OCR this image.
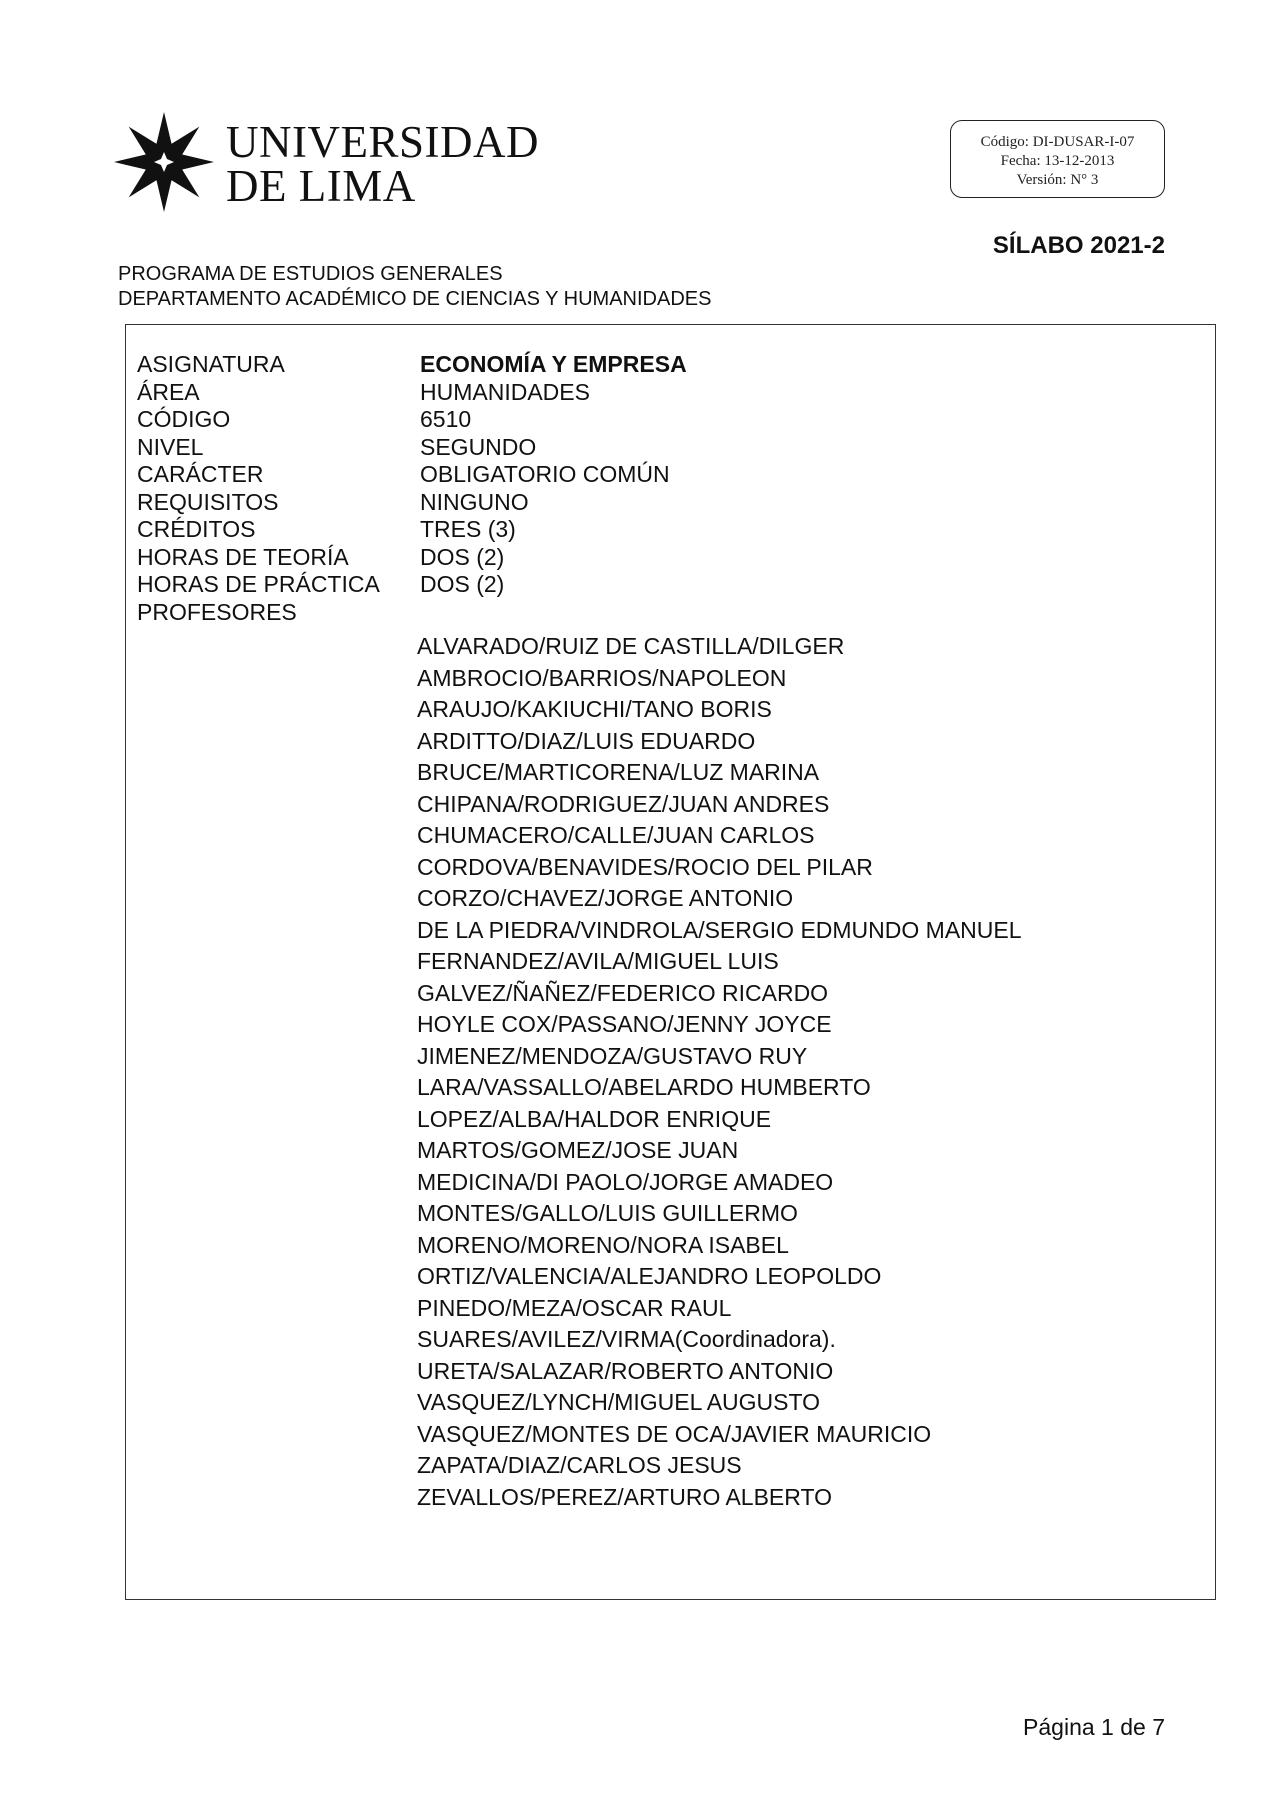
UNIVERSIDAD
DE LIMA
Código: DI-DUSAR-I-07
Fecha: 13-12-2013
Versión: N° 3
SÍLABO 2021-2
PROGRAMA DE ESTUDIOS GENERALES
DEPARTAMENTO ACADÉMICO DE CIENCIAS Y HUMANIDADES
ASIGNATURA	ECONOMÍA Y EMPRESA
ÁREA	HUMANIDADES
CÓDIGO	6510
NIVEL	SEGUNDO
CARÁCTER	OBLIGATORIO COMÚN
REQUISITOS	NINGUNO
CRÉDITOS	TRES (3)
HORAS DE TEORÍA	DOS (2)
HORAS DE PRÁCTICA	DOS (2)
PROFESORES
ALVARADO/RUIZ DE CASTILLA/DILGER
AMBROCIO/BARRIOS/NAPOLEON
ARAUJO/KAKIUCHI/TANO BORIS
ARDITTO/DIAZ/LUIS EDUARDO
BRUCE/MARTICORENA/LUZ MARINA
CHIPANA/RODRIGUEZ/JUAN ANDRES
CHUMACERO/CALLE/JUAN CARLOS
CORDOVA/BENAVIDES/ROCIO DEL PILAR
CORZO/CHAVEZ/JORGE ANTONIO
DE LA PIEDRA/VINDROLA/SERGIO EDMUNDO MANUEL
FERNANDEZ/AVILA/MIGUEL LUIS
GALVEZ/ÑAÑEZ/FEDERICO RICARDO
HOYLE COX/PASSANO/JENNY JOYCE
JIMENEZ/MENDOZA/GUSTAVO RUY
LARA/VASSALLO/ABELARDO HUMBERTO
LOPEZ/ALBA/HALDOR ENRIQUE
MARTOS/GOMEZ/JOSE JUAN
MEDICINA/DI PAOLO/JORGE AMADEO
MONTES/GALLO/LUIS GUILLERMO
MORENO/MORENO/NORA ISABEL
ORTIZ/VALENCIA/ALEJANDRO LEOPOLDO
PINEDO/MEZA/OSCAR RAUL
SUARES/AVILEZ/VIRMA(Coordinadora).
URETA/SALAZAR/ROBERTO ANTONIO
VASQUEZ/LYNCH/MIGUEL AUGUSTO
VASQUEZ/MONTES DE OCA/JAVIER MAURICIO
ZAPATA/DIAZ/CARLOS JESUS
ZEVALLOS/PEREZ/ARTURO ALBERTO
Página 1 de 7
